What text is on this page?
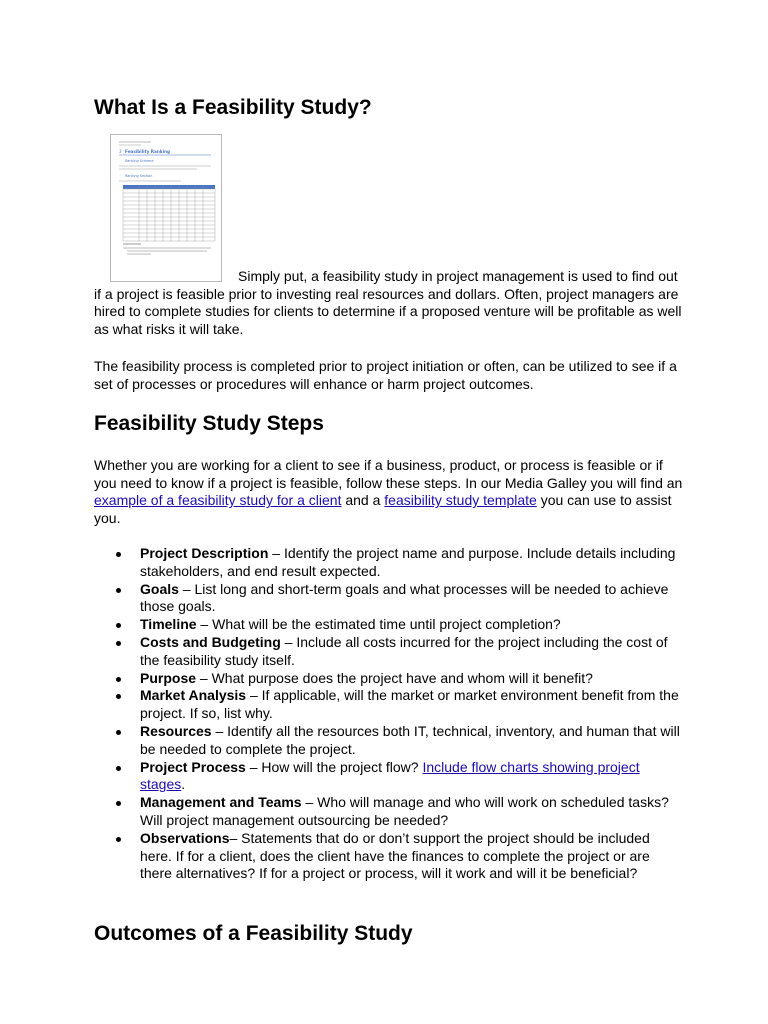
What Is a Feasibility Study?
3 Feasibility Ranking
Ranking Scheme
Ranking Section

Simply put, a feasibility study in project management is used to find out if a project is feasible prior to investing real resources and dollars. Often, project managers are hired to complete studies for clients to determine if a proposed venture will be profitable as well as what risks it will take.

The feasibility process is completed prior to project initiation or often, can be utilized to see if a set of processes or procedures will enhance or harm project outcomes.

Feasibility Study Steps

Whether you are working for a client to see if a business, product, or process is feasible or if you need to know if a project is feasible, follow these steps. In our Media Galley you will find an example of a feasibility study for a client and a feasibility study template you can use to assist you.

Project Description – Identify the project name and purpose. Include details including stakeholders, and end result expected.
Goals – List long and short-term goals and what processes will be needed to achieve those goals.
Timeline – What will be the estimated time until project completion?
Costs and Budgeting – Include all costs incurred for the project including the cost of the feasibility study itself.
Purpose – What purpose does the project have and whom will it benefit?
Market Analysis – If applicable, will the market or market environment benefit from the project. If so, list why.
Resources – Identify all the resources both IT, technical, inventory, and human that will be needed to complete the project.
Project Process – How will the project flow? Include flow charts showing project stages.
Management and Teams – Who will manage and who will work on scheduled tasks? Will project management outsourcing be needed?
Observations– Statements that do or don’t support the project should be included here. If for a client, does the client have the finances to complete the project or are there alternatives? If for a project or process, will it work and will it be beneficial?
Outcomes of a Feasibility Study
